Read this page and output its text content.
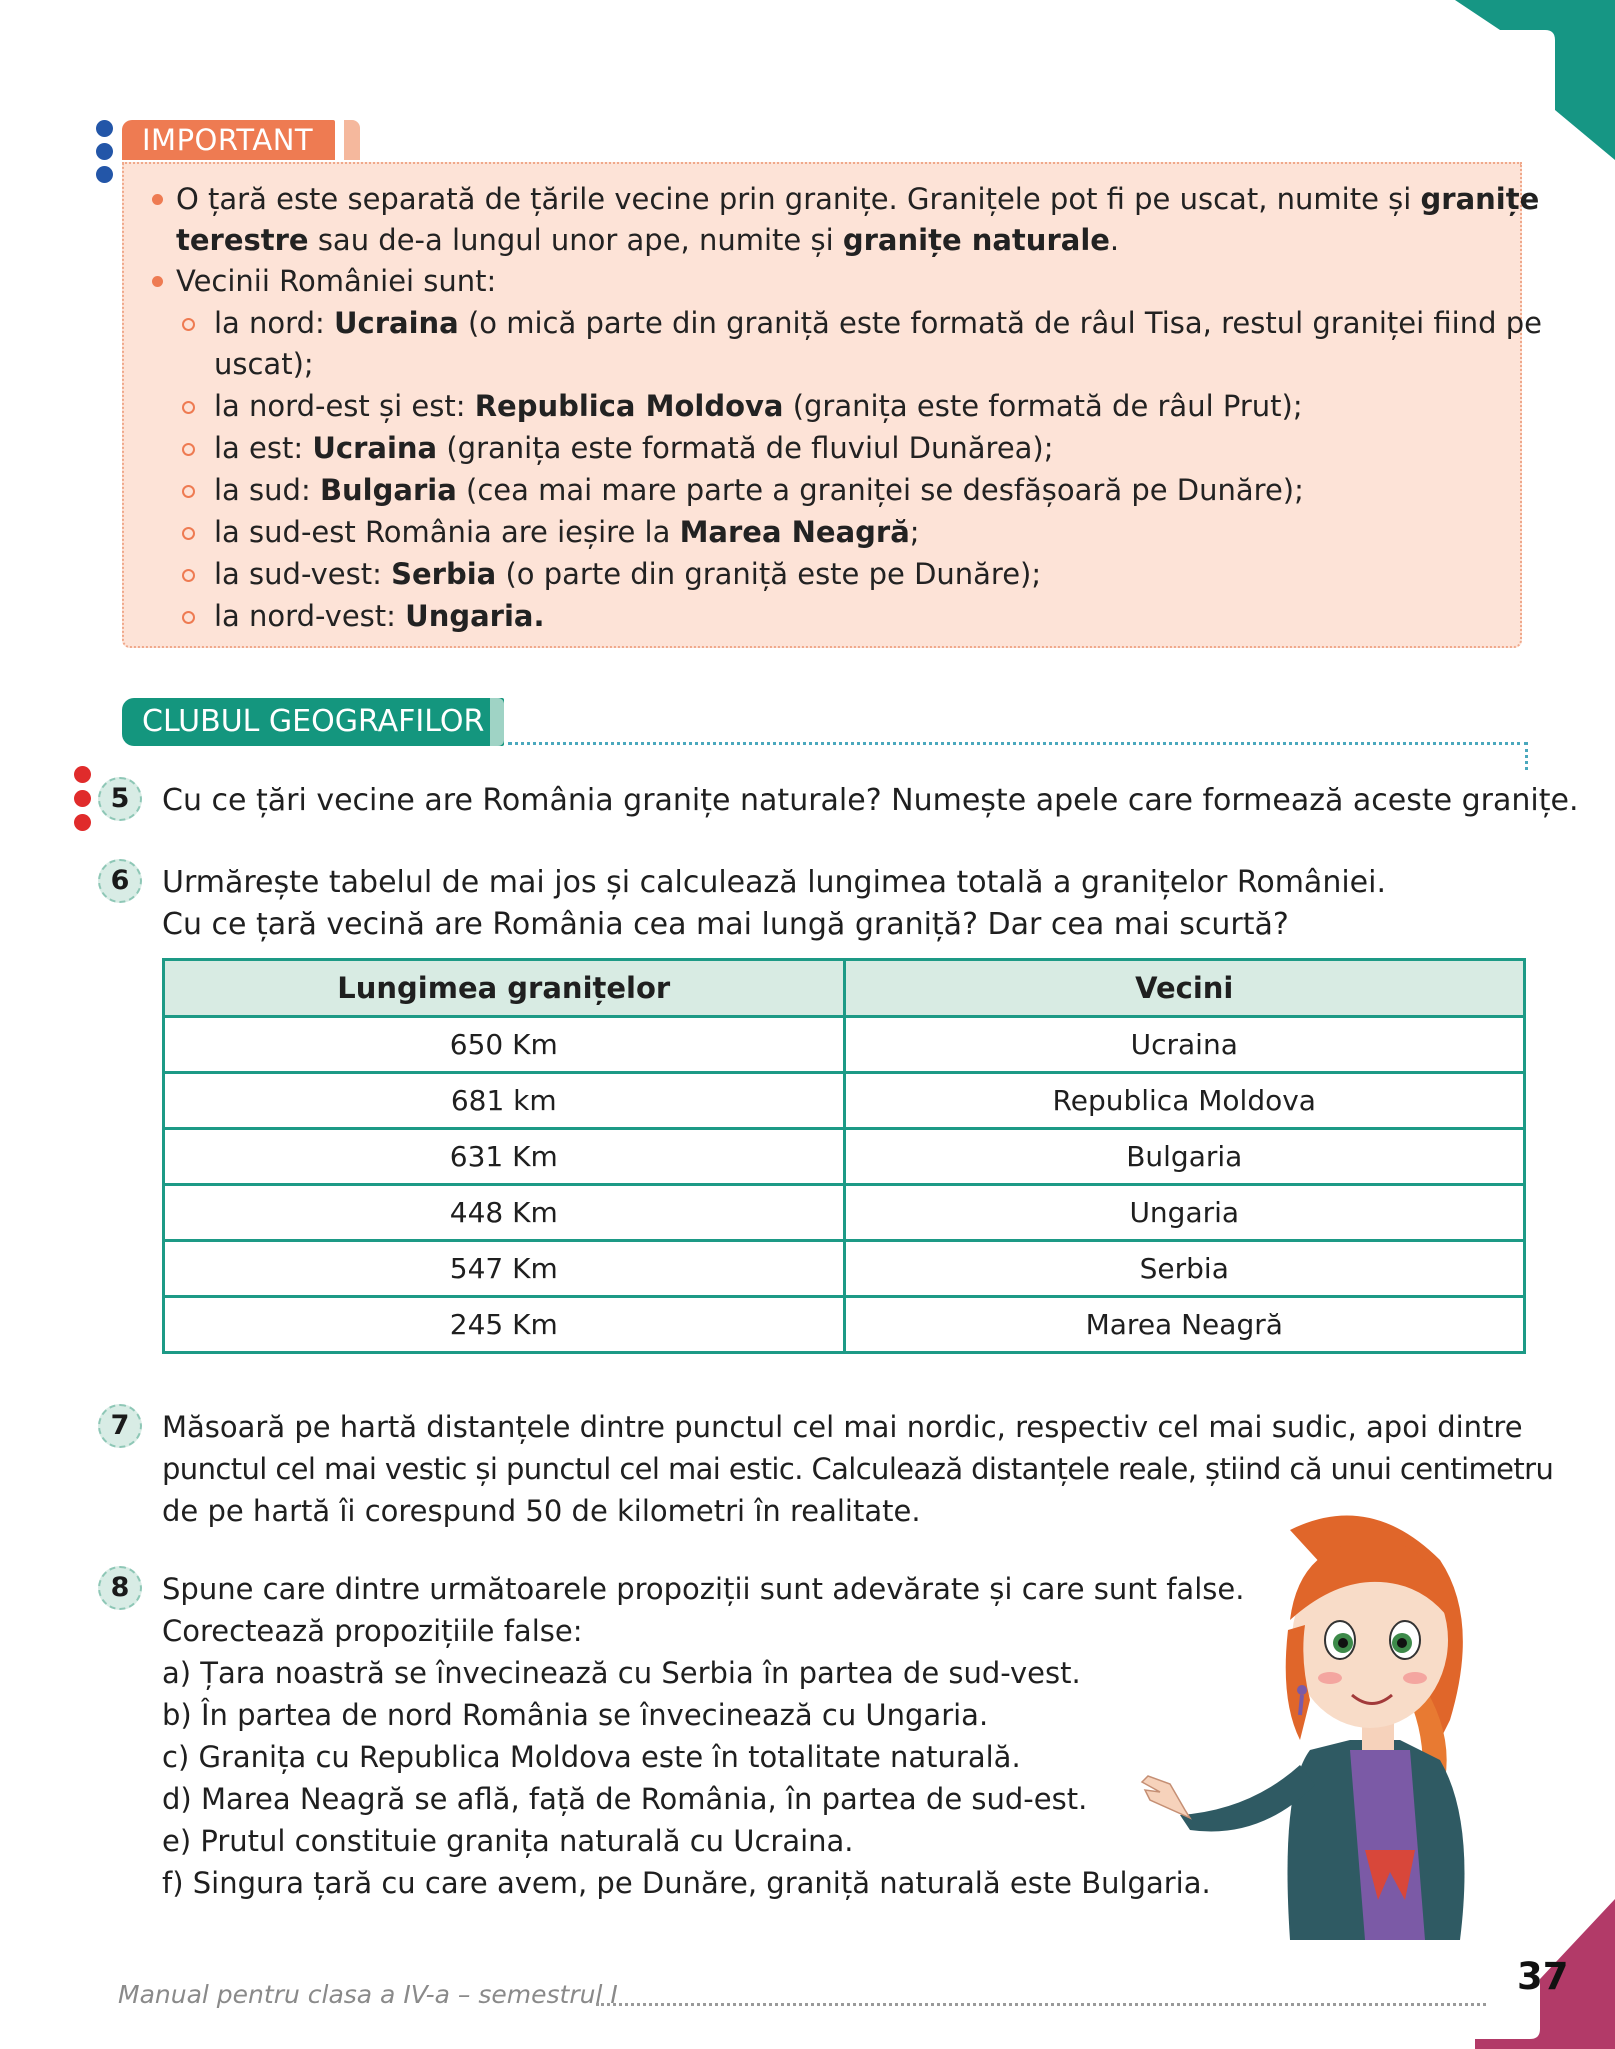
IMPORTANT
O țară este separată de țările vecine prin granițe. Granițele pot fi pe uscat, numite și granițe
terestre sau de-a lungul unor ape, numite și granițe naturale.
Vecinii României sunt:
la nord: Ucraina (o mică parte din graniță este formată de râul Tisa, restul graniței fiind pe
uscat);
la nord-est și est: Republica Moldova (granița este formată de râul Prut);
la est: Ucraina (granița este formată de fluviul Dunărea);
la sud: Bulgaria (cea mai mare parte a graniței se desfășoară pe Dunăre);
la sud-est România are ieșire la Marea Neagră;
la sud-vest: Serbia (o parte din graniță este pe Dunăre);
la nord-vest: Ungaria.
CLUBUL GEOGRAFILOR
5	Cu ce țări vecine are România granițe naturale? Numește apele care formează aceste granițe.
6	Urmărește tabelul de mai jos și calculează lungimea totală a granițelor României.
Cu ce țară vecină are România cea mai lungă graniță? Dar cea mai scurtă?
Lungimea granițelor	Vecini
650 Km	Ucraina
681 km	Republica Moldova
631 Km	Bulgaria
448 Km	Ungaria
547 Km	Serbia
245 Km	Marea Neagră
7	Măsoară pe hartă distanțele dintre punctul cel mai nordic, respectiv cel mai sudic, apoi dintre
punctul cel mai vestic și punctul cel mai estic. Calculează distanțele reale, știind că unui centimetru
de pe hartă îi corespund 50 de kilometri în realitate.
8	Spune care dintre următoarele propoziții sunt adevărate și care sunt false.
Corectează propozițiile false:
a) Țara noastră se învecinează cu Serbia în partea de sud-vest.
b) În partea de nord România se învecinează cu Ungaria.
c) Granița cu Republica Moldova este în totalitate naturală.
d) Marea Neagră se află, față de România, în partea de sud-est.
e) Prutul constituie granița naturală cu Ucraina.
f) Singura țară cu care avem, pe Dunăre, graniță naturală este Bulgaria.
Manual pentru clasa a IV-a – semestrul I	37
